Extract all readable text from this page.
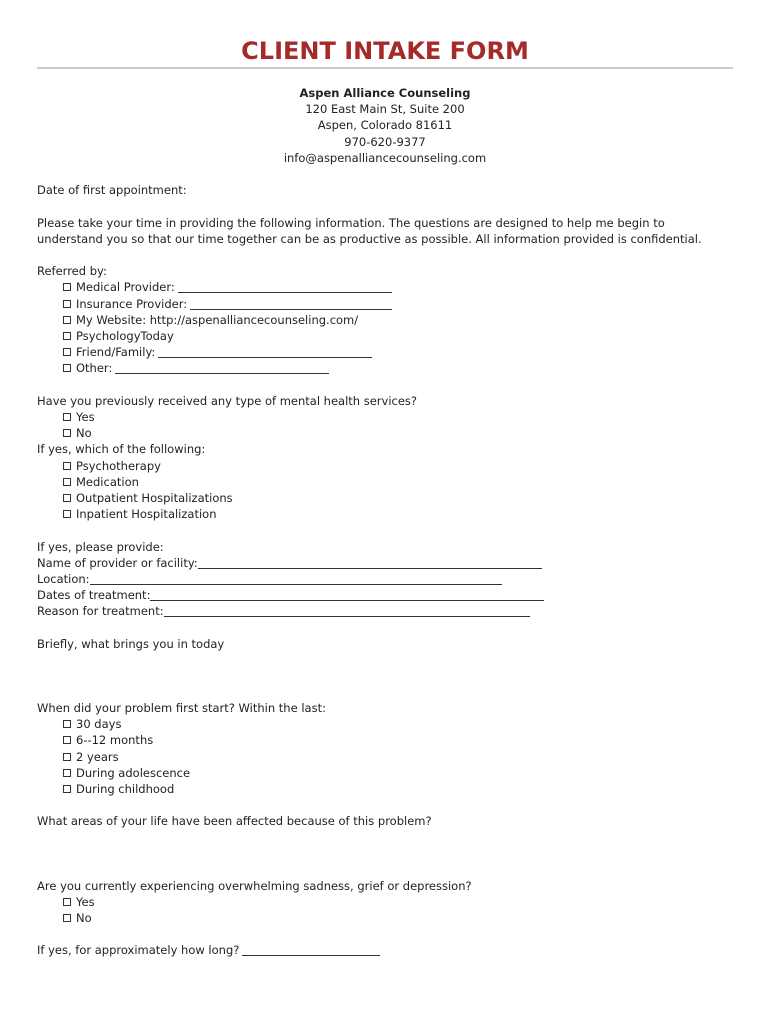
CLIENT INTAKE FORM
Aspen Alliance Counseling
120 East Main St, Suite 200
Aspen, Colorado 81611
970-620-9377
info@aspenalliancecounseling.com
Date of first appointment:
Please take your time in providing the following information. The questions are designed to help me begin to
understand you so that our time together can be as productive as possible. All information provided is confidential.
Referred by:
Medical Provider:
Insurance Provider:
My Website: http://aspenalliancecounseling.com/
PsychologyToday
Friend/Family:
Other:
Have you previously received any type of mental health services?
Yes
No
If yes, which of the following:
Psychotherapy
Medication
Outpatient Hospitalizations
Inpatient Hospitalization
If yes, please provide:
Name of provider or facility:
Location:
Dates of treatment:
Reason for treatment:
Briefly, what brings you in today
When did your problem first start? Within the last:
30 days
6--12 months
2 years
During adolescence
During childhood
What areas of your life have been affected because of this problem?
Are you currently experiencing overwhelming sadness, grief or depression?
Yes
No
If yes, for approximately how long?
